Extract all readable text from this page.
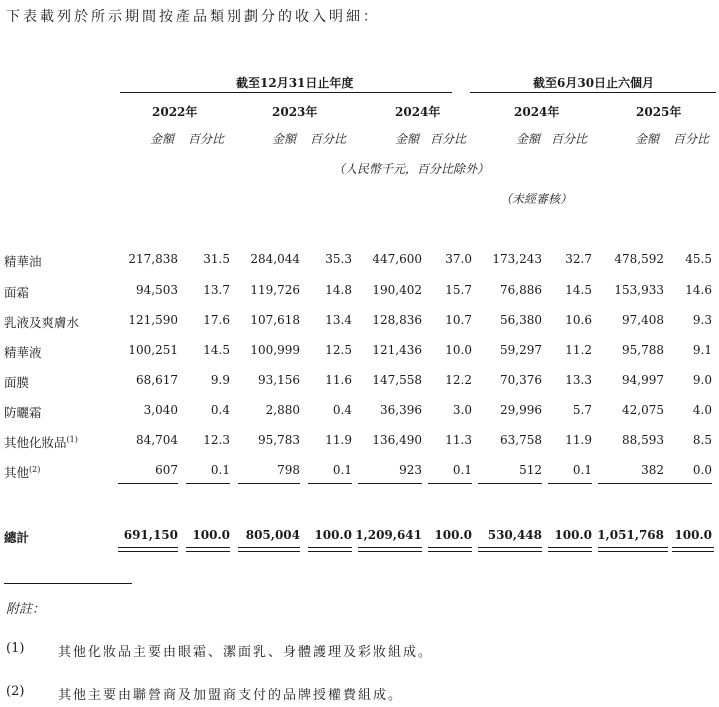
下表載列於所示期間按產品類別劃分的收入明細：
截至12月31日止年度	截至6月30日止六個月
2022年	2023年	2024年	2024年	2025年
金額 百分比	金額 百分比	金額 百分比	金額 百分比	金額 百分比
（人民幣千元，百分比除外）
（未經審核）
精華油	217,838 31.5 284,044 35.3 447,600 37.0 173,243 32.7 478,592 45.5
面霜	94,503 13.7 119,726 14.8 190,402 15.7 76,886 14.5 153,933 14.6
乳液及爽膚水	121,590 17.6 107,618 13.4 128,836 10.7 56,380 10.6	97,408 9.3
精華液	100,251 14.5 100,999 12.5 121,436 10.0 59,297 11.2	95,788 9.1
面膜	68,617	9.9 93,156 11.6 147,558 12.2 70,376 13.3	94,997 9.0
防曬霜	3,040	0.4	2,880	0.4 36,396	3.0 29,996	5.7	42,075 4.0
其他化妝品$^{(1)}$	84,704 12.3 95,783 11.9 136,490 11.3 63,758 11.9	88,593 8.5
其他$^{(2)}$	607	0.1	798	0.1	923	0.1	512	0.1	382 0.0
總計	691,150 100.0 805,004 100.0 1,209,641 100.0 530,448 100.0 1,051,768 100.0
附註：
(1)	其他化妝品主要由眼霜、潔面乳、身體護理及彩妝組成。
(2)	其他主要由聯營商及加盟商支付的品牌授權費組成。
